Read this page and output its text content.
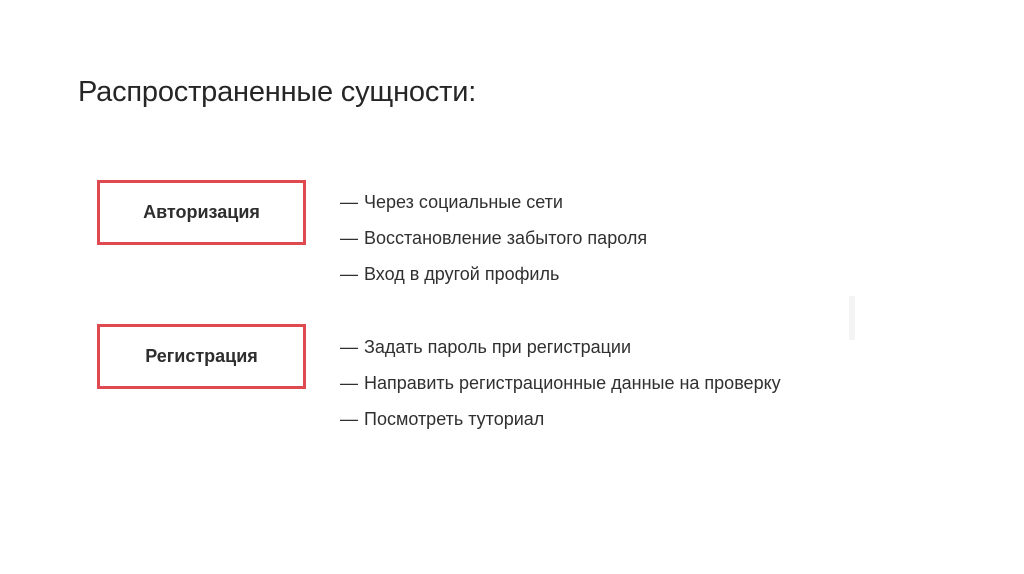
Распространенные сущности:
Авторизация	— Через социальные сети
— Восстановление забытого пароля
— Вход в другой профиль
Регистрация	— Задать пароль при регистрации
— Направить регистрационные данные на проверку
— Посмотреть туториал
